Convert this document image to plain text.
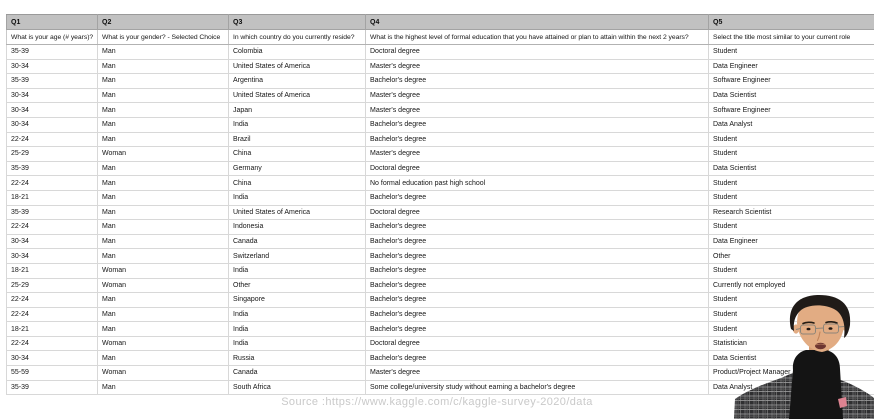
Q1	Q2	Q3	Q4	Q5
What is your age (# years)?	What is your gender? - Selected Choice	In which country do you currently reside?	What is the highest level of formal education that you have attained or plan to attain within the next 2 years?	Select the title most similar to your current role
35-39	Man	Colombia	Doctoral degree	Student
30-34	Man	United States of America	Master's degree	Data Engineer
35-39	Man	Argentina	Bachelor's degree	Software Engineer
30-34	Man	United States of America	Master's degree	Data Scientist
30-34	Man	Japan	Master's degree	Software Engineer
30-34	Man	India	Bachelor's degree	Data Analyst
22-24	Man	Brazil	Bachelor's degree	Student
25-29	Woman	China	Master's degree	Student
35-39	Man	Germany	Doctoral degree	Data Scientist
22-24	Man	China	No formal education past high school	Student
18-21	Man	India	Bachelor's degree	Student
35-39	Man	United States of America	Doctoral degree	Research Scientist
22-24	Man	Indonesia	Bachelor's degree	Student
30-34	Man	Canada	Bachelor's degree	Data Engineer
30-34	Man	Switzerland	Bachelor's degree	Other
18-21	Woman	India	Bachelor's degree	Student
25-29	Woman	Other	Bachelor's degree	Currently not employed
22-24	Man	Singapore	Bachelor's degree	Student
22-24	Man	India	Bachelor's degree	Student
18-21	Man	India	Bachelor's degree	Student
22-24	Woman	India	Doctoral degree	Statistician
30-34	Man	Russia	Bachelor's degree	Data Scientist
55-59	Woman	Canada	Master's degree	Product/Project Manager
35-39	Man	South Africa	Some college/university study without earning a bachelor's degree	Data Analyst
Source :https://www.kaggle.com/c/kaggle-survey-2020/data
